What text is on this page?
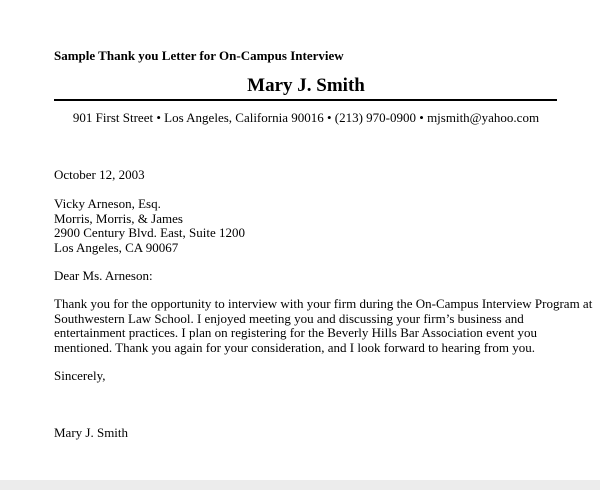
Sample Thank you Letter for On-Campus Interview
Mary J. Smith
901 First Street • Los Angeles, California 90016 • (213) 970-0900 • mjsmith@yahoo.com
October 12, 2003
Vicky Arneson, Esq.
Morris, Morris, & James
2900 Century Blvd. East, Suite 1200
Los Angeles, CA 90067
Dear Ms. Arneson:
Thank you for the opportunity to interview with your firm during the On-Campus Interview Program at
Southwestern Law School. I enjoyed meeting you and discussing your firm’s business and
entertainment practices. I plan on registering for the Beverly Hills Bar Association event you
mentioned. Thank you again for your consideration, and I look forward to hearing from you.
Sincerely,
Mary J. Smith
